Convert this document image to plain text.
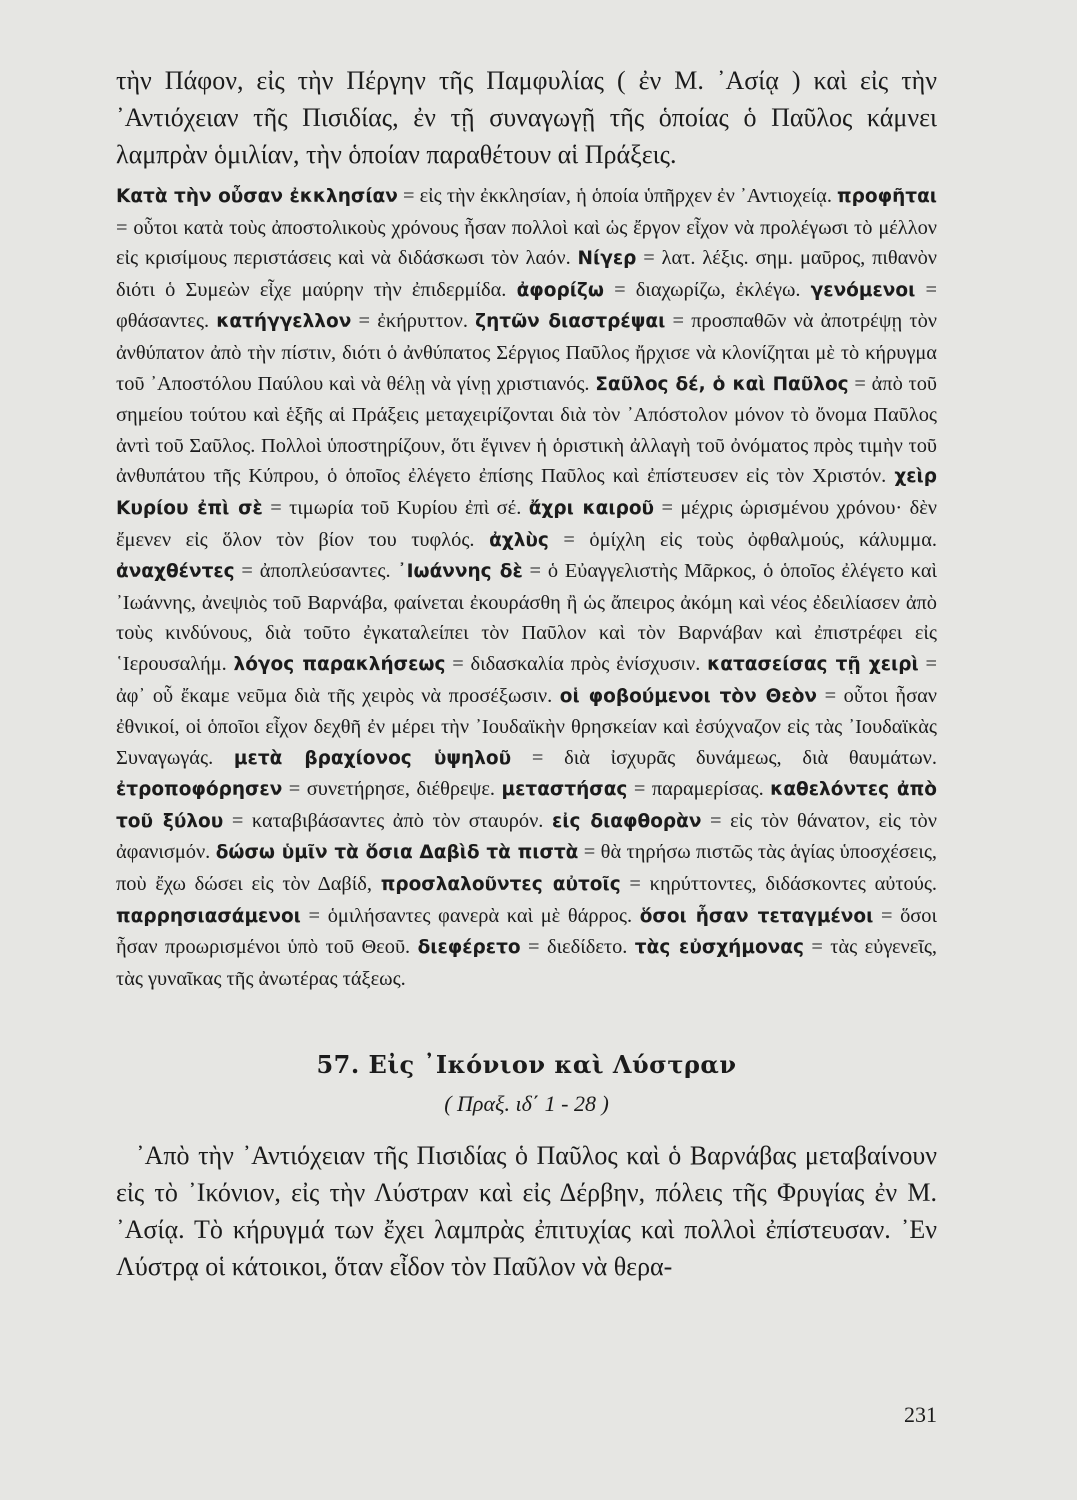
τὴν Πάφον, εἰς τὴν Πέργην τῆς Παμφυλίας ( ἐν Μ. ᾿Ασίᾳ ) καὶ εἰς τὴν ᾿Αντιόχειαν τῆς Πισιδίας, ἐν τῇ συναγωγῇ τῆς ὁποίας ὁ Παῦλος κάμνει λαμπρὰν ὁμιλίαν, τὴν ὁποίαν παραθέτουν αἱ Πράξεις.

Κατὰ τὴν οὖσαν ἐκκλησίαν = εἰς τὴν ἐκκλησίαν, ἡ ὁποία ὑπῆρχεν ἐν ᾿Αντιοχείᾳ. προφῆται = οὗτοι κατὰ τοὺς ἀποστολικοὺς χρόνους ἦσαν πολλοὶ καὶ ὡς ἔργον εἶχον νὰ προλέγωσι τὸ μέλλον εἰς κρισίμους περιστάσεις καὶ νὰ διδάσκωσι τὸν λαόν. Νίγερ = λατ. λέξις. σημ. μαῦρος, πιθανὸν διότι ὁ Συμεὼν εἶχε μαύρην τὴν ἐπιδερμίδα. ἀφορίζω = διαχωρίζω, ἐκλέγω. γενόμενοι = φθάσαντες. κατήγγελλον = ἐκήρυττον. ζητῶν διαστρέψαι = προσπαθῶν νὰ ἀποτρέψῃ τὸν ἀνθύπατον ἀπὸ τὴν πίστιν, διότι ὁ ἀνθύπατος Σέργιος Παῦλος ἤρχισε νὰ κλονίζηται μὲ τὸ κήρυγμα τοῦ ᾿Αποστόλου Παύλου καὶ νὰ θέλῃ νὰ γίνῃ χριστιανός. Σαῦλος δέ, ὁ καὶ Παῦλος = ἀπὸ τοῦ σημείου τούτου καὶ ἑξῆς αἱ Πράξεις μεταχειρίζονται διὰ τὸν ᾿Απόστολον μόνον τὸ ὄνομα Παῦλος ἀντὶ τοῦ Σαῦλος. Πολλοὶ ὑποστηρίζουν, ὅτι ἔγινεν ἡ ὁριστικὴ ἀλλαγὴ τοῦ ὀνόματος πρὸς τιμὴν τοῦ ἀνθυπάτου τῆς Κύπρου, ὁ ὁποῖος ἐλέγετο ἐπίσης Παῦλος καὶ ἐπίστευσεν εἰς τὸν Χριστόν. χεὶρ Κυρίου ἐπὶ σὲ = τιμωρία τοῦ Κυρίου ἐπὶ σέ. ἄχρι καιροῦ = μέχρις ὡρισμένου χρόνου· δὲν ἔμενεν εἰς ὅλον τὸν βίον του τυφλός. ἀχλὺς = ὁμίχλη εἰς τοὺς ὀφθαλμούς, κάλυμμα. ἀναχθέντες = ἀποπλεύσαντες. ᾿Ιωάννης δὲ = ὁ Εὐαγγελιστὴς Μᾶρκος, ὁ ὁποῖος ἐλέγετο καὶ ᾿Ιωάννης, ἀνεψιὸς τοῦ Βαρνάβα, φαίνεται ἐκουράσθη ἢ ὡς ἄπειρος ἀκόμη καὶ νέος ἐδειλίασεν ἀπὸ τοὺς κινδύνους, διὰ τοῦτο ἐγκαταλείπει τὸν Παῦλον καὶ τὸν Βαρνάβαν καὶ ἐπιστρέφει εἰς ῾Ιερουσαλήμ. λόγος παρακλήσεως = διδασκαλία πρὸς ἐνίσχυσιν. κατασείσας τῇ χειρὶ = ἀφ᾿ οὗ ἔκαμε νεῦμα διὰ τῆς χειρὸς νὰ προσέξωσιν. οἱ φοβούμενοι τὸν Θεὸν = οὗτοι ἦσαν ἐθνικοί, οἱ ὁποῖοι εἶχον δεχθῆ ἐν μέρει τὴν ᾿Ιουδαϊκὴν θρησκείαν καὶ ἐσύχναζον εἰς τὰς ᾿Ιουδαϊκὰς Συναγωγάς. μετὰ βραχίονος ὑψηλοῦ = διὰ ἰσχυρᾶς δυνάμεως, διὰ θαυμάτων. ἐτροποφόρησεν = συνετήρησε, διέθρεψε. μεταστήσας = παραμερίσας. καθελόντες ἀπὸ τοῦ ξύλου = καταβιβάσαντες ἀπὸ τὸν σταυρόν. εἰς διαφθορὰν = εἰς τὸν θάνατον, εἰς τὸν ἀφανισμόν. δώσω ὑμῖν τὰ ὅσια Δαβὶδ τὰ πιστὰ = θὰ τηρήσω πιστῶς τὰς ἁγίας ὑποσχέσεις, ποὺ ἔχω δώσει εἰς τὸν Δαβίδ, προσλαλοῦντες αὐτοῖς = κηρύττοντες, διδάσκοντες αὐτούς. παρρησιασάμενοι = ὁμιλήσαντες φανερὰ καὶ μὲ θάρρος. ὅσοι ἦσαν τεταγμένοι = ὅσοι ἦσαν προωρισμένοι ὑπὸ τοῦ Θεοῦ. διεφέρετο = διεδίδετο. τὰς εὐσχήμονας = τὰς εὐγενεῖς, τὰς γυναῖκας τῆς ἀνωτέρας τάξεως.

57. Εἰς ᾿Ικόνιον καὶ Λύστραν
( Πραξ. ιδ΄ 1 - 28 )

᾿Απὸ τὴν ᾿Αντιόχειαν τῆς Πισιδίας ὁ Παῦλος καὶ ὁ Βαρνάβας μεταβαίνουν εἰς τὸ ᾿Ικόνιον, εἰς τὴν Λύστραν καὶ εἰς Δέρβην, πόλεις τῆς Φρυγίας ἐν Μ. ᾿Ασίᾳ. Τὸ κήρυγμά των ἔχει λαμπρὰς ἐπιτυχίας καὶ πολλοὶ ἐπίστευσαν. ᾿Εν Λύστρᾳ οἱ κάτοικοι, ὅταν εἶδον τὸν Παῦλον νὰ θερα-

231
